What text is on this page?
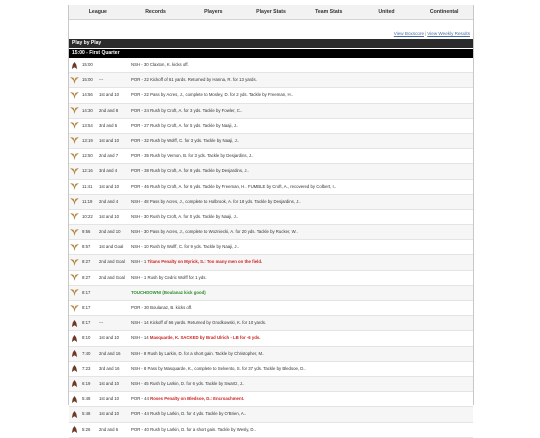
League	Records	Players	Player Stats	Team Stats	United	Continental
View Boxscore|View Weekly Results
Play by Play
15:00 - First Quarter
15:00	NSH - 30 Claxton, K. kicks off.
15:00	---	POR - 22 Kickoff of 61 yards. Returned by Hanna, R. for 13 yards.
14:56	1st and 10	POR - 22 Pass by Acres, J., complete to Mosley, D. for 2 yds. Tackle by Freeman, H..
14:30	2nd and 8	POR - 24 Rush by Croft, A. for 3 yds. Tackle by Fowler, C..
13:54	3rd and 5	POR - 27 Rush by Croft, A. for 5 yds. Tackle by Naaji, J..
13:19	1st and 10	POR - 32 Rush by Wolff, C. for 3 yds. Tackle by Naaji, J..
12:50	2nd and 7	POR - 35 Rush by Vernon, B. for 3 yds. Tackle by Desjardins, J..
12:16	3rd and 4	POR - 38 Rush by Croft, A. for 8 yds. Tackle by Desjardins, J..
11:41	1st and 10	POR - 46 Rush by Croft, A. for 6 yds. Tackle by Freeman, H.. FUMBLE by Croft, A., recovered by Colbert, I..
11:19	2nd and 4	NSH - 48 Pass by Acres, J., complete to Holbrook, A. for 18 yds. Tackle by Desjardins, J..
10:22	1st and 10	NSH - 30 Rush by Croft, A. for 0 yds. Tackle by Naaji, J..
9:56	2nd and 10	NSH - 30 Pass by Acres, J., complete to Wozniecki, A. for 20 yds. Tackle by Rucker, W..
8:57	1st and Goal	NSH - 10 Rush by Wolff, C. for 9 yds. Tackle by Naaji, J..
8:27	2nd and Goal	NSH - 1 Titans Penalty on Myrick, S.: Too many men on the field.
8:27	2nd and Goal	NSH - 1 Rush by Cedric Wolff for 1 yds.
8:17	TOUCHDOWN! (Boulanaz kick good)
8:17	POR - 30 Boulanaz, B. kicks off.
8:17	---	NSH - 14 Kickoff of 66 yards. Returned by Grodkowski, K. for 10 yards.
8:10	1st and 10	NSH - 14 Masquarde, K. SACKED by Brad Ulrich - LB for -6 yds.
7:40	2nd and 16	NSH - 8 Rush by Larkin, D. for a short gain. Tackle by Christopher, M..
7:23	3rd and 16	NSH - 8 Pass by Masquarde, K., complete to Selvento, S. for 37 yds. Tackle by Bledsoe, D..
6:19	1st and 10	NSH - 45 Rush by Larkin, D. for 6 yds. Tackle by Swartz, J..
5:48	1st and 10	POR - 44 Roses Penalty on Bledsoe, D.: Encroachment.
5:48	1st and 10	POR - 44 Rush by Larkin, D. for 4 yds. Tackle by O'Brien, A..
5:26	2nd and 6	POR - 40 Rush by Larkin, D. for a short gain. Tackle by Wesly, D..
